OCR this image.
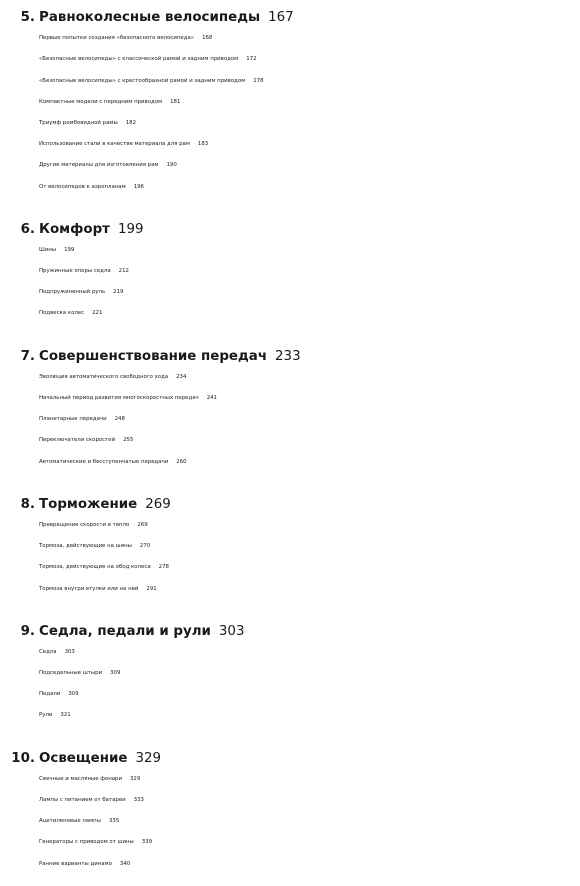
5. Равноколесные велосипеды 167
Первые попытки создания «безопасного велосипеда» 168
«Безопасные велосипеды» с классической рамой и задним приводом 172
«Безопасные велосипеды» с крестообразной рамой и задним приводом 178
Компактные модели с передним приводом 181
Триумф ромбовидной рамы 182
Использование стали в качестве материала для рам 183
Другие материалы для изготовления рам 190
От велосипедов к аэропланам 196
6. Комфорт 199
Шины 199
Пружинные опоры седла 212
Подпружиненный руль 219
Подвеска колес 221
7. Совершенствование передач 233
Эволюция автоматического свободного хода 234
Начальный период развития многоскоростных передач 241
Планетарные передачи 248
Переключатели скоростей 255
Автоматические и бесступенчатые передачи 260
8. Торможение 269
Превращение скорости в тепло 269
Тормоза, действующие на шины 270
Тормоза, действующие на обод колеса 278
Тормоза внутри втулки или на ней 291
9. Седла, педали и рули 303
Седла 303
Подседельные штыри 309
Педали 309
Рули 321
10. Освещение 329
Свечные и масляные фонари 329
Лампы с питанием от батареи 333
Ацетиленовые лампы 335
Генераторы с приводом от шины 339
Ранние варианты динамо 340
